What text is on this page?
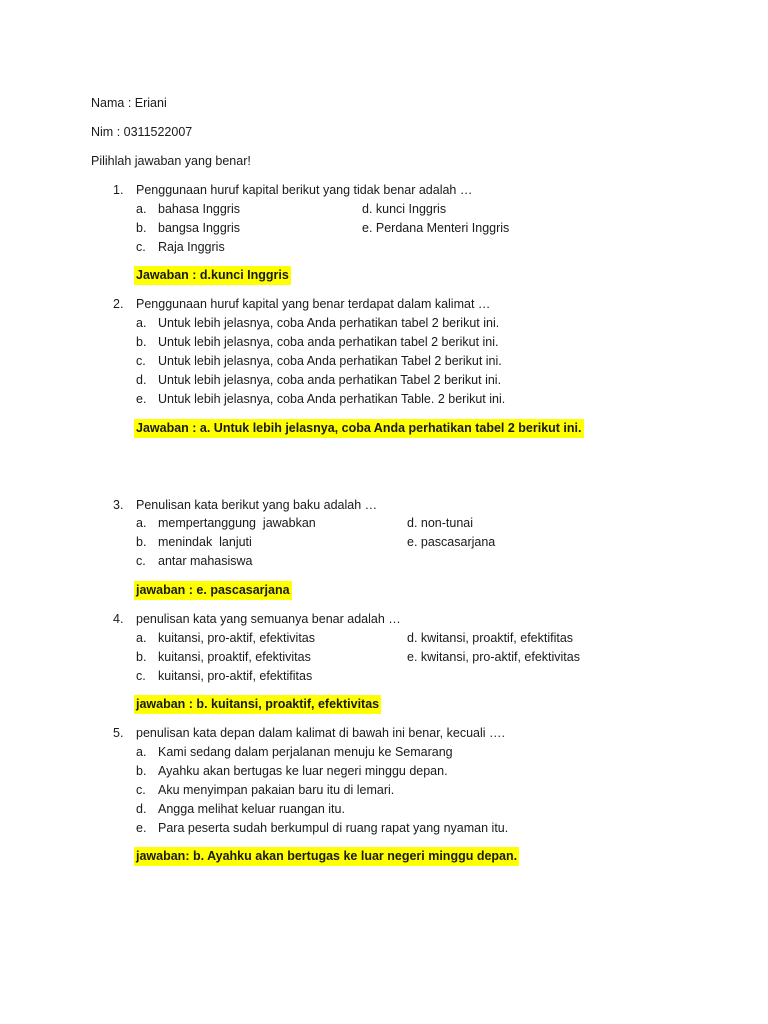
Nama : Eriani
Nim : 0311522007
Pilihlah jawaban yang benar!
1. Penggunaan huruf kapital berikut yang tidak benar adalah …
a. bahasa Inggris
b. bangsa Inggris
c. Raja Inggris
d. kunci Inggris
e. Perdana Menteri Inggris
Jawaban : d.kunci Inggris
2. Penggunaan huruf kapital yang benar terdapat dalam kalimat …
a. Untuk lebih jelasnya, coba Anda perhatikan tabel 2 berikut ini.
b. Untuk lebih jelasnya, coba anda perhatikan tabel 2 berikut ini.
c. Untuk lebih jelasnya, coba Anda perhatikan Tabel 2 berikut ini.
d. Untuk lebih jelasnya, coba anda perhatikan Tabel 2 berikut ini.
e. Untuk lebih jelasnya, coba Anda perhatikan Table. 2 berikut ini.
Jawaban : a. Untuk lebih jelasnya, coba Anda perhatikan tabel 2 berikut ini.
3. Penulisan kata berikut yang baku adalah …
a. mempertanggung  jawabkan
b. menindak  lanjuti
c. antar mahasiswa
d. non-tunai
e. pascasarjana
jawaban : e. pascasarjana
4. penulisan kata yang semuanya benar adalah …
a. kuitansi, pro-aktif, efektivitas
b. kuitansi, proaktif, efektivitas
c. kuitansi, pro-aktif, efektifitas
d. kwitansi, proaktif, efektifitas
e. kwitansi, pro-aktif, efektivitas
jawaban : b. kuitansi, proaktif, efektivitas
5. penulisan kata depan dalam kalimat di bawah ini benar, kecuali ….
a. Kami sedang dalam perjalanan menuju ke Semarang
b. Ayahku akan bertugas ke luar negeri minggu depan.
c. Aku menyimpan pakaian baru itu di lemari.
d. Angga melihat keluar ruangan itu.
e. Para peserta sudah berkumpul di ruang rapat yang nyaman itu.
jawaban: b. Ayahku akan bertugas ke luar negeri minggu depan.
